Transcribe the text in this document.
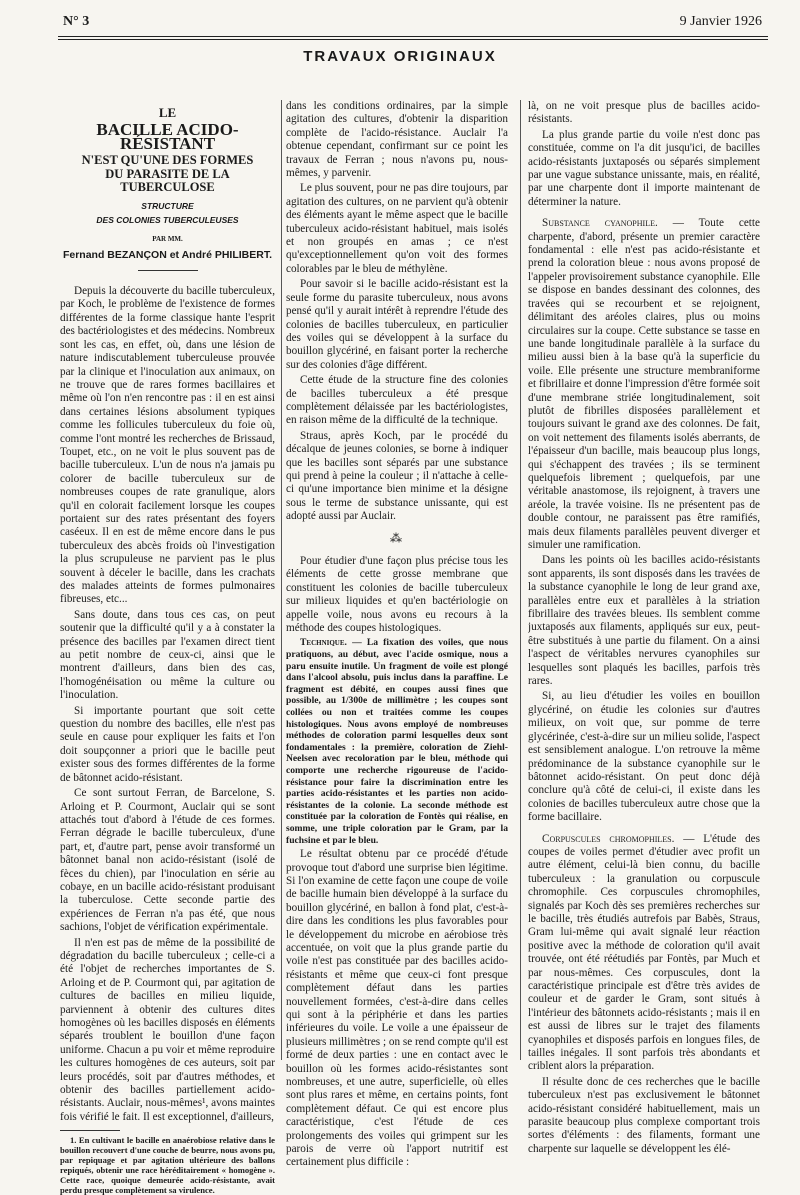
N° 3	9 Janvier 1926
TRAVAUX ORIGINAUX
LE
BACILLE ACIDO-RÉSISTANT
N'EST QU'UNE DES FORMES
DU PARASITE DE LA TUBERCULOSE
STRUCTURE
DES COLONIES TUBERCULEUSES
PAR MM.
Fernand BEZANÇON et André PHILIBERT.

Depuis la découverte du bacille tuberculeux, par Koch, le problème de l'existence de formes différentes de la forme classique hante l'esprit des bactériologistes et des médecins. Nombreux sont les cas, en effet, où, dans une lésion de nature indiscutablement tuberculeuse prouvée par la clinique et l'inoculation aux animaux, on ne trouve que de rares formes bacillaires et même où l'on n'en rencontre pas : il en est ainsi dans certaines lésions absolument typiques comme les follicules tuberculeux du foie où, comme l'ont montré les recherches de Brissaud, Toupet, etc., on ne voit le plus souvent pas de bacille tuberculeux. L'un de nous n'a jamais pu colorer de bacille tuberculeux sur de nombreuses coupes de rate granulique, alors qu'il en colorait facilement lorsque les coupes portaient sur des rates présentant des foyers caséeux. Il en est de même encore dans le pus tuberculeux des abcès froids où l'investigation la plus scrupuleuse ne parvient pas le plus souvent à déceler le bacille, dans les crachats des malades atteints de formes pulmonaires fibreuses, etc...

Sans doute, dans tous ces cas, on peut soutenir que la difficulté qu'il y a à constater la présence des bacilles par l'examen direct tient au petit nombre de ceux-ci, ainsi que le montrent d'ailleurs, dans bien des cas, l'homogénéisation ou même la culture ou l'inoculation.

Si importante pourtant que soit cette question du nombre des bacilles, elle n'est pas seule en cause pour expliquer les faits et l'on doit soupçonner a priori que le bacille peut exister sous des formes différentes de la forme de bâtonnet acido-résistant.

Ce sont surtout Ferran, de Barcelone, S. Arloing et P. Courmont, Auclair qui se sont attachés tout d'abord à l'étude de ces formes. Ferran dégrade le bacille tuberculeux, d'une part, et, d'autre part, pense avoir transformé un bâtonnet banal non acido-résistant (isolé de fèces du chien), par l'inoculation en série au cobaye, en un bacille acido-résistant produisant la tuberculose. Cette seconde partie des expériences de Ferran n'a pas été, que nous sachions, l'objet de vérification expérimentale.

Il n'en est pas de même de la possibilité de dégradation du bacille tuberculeux ; celle-ci a été l'objet de recherches importantes de S. Arloing et de P. Courmont qui, par agitation de cultures de bacilles en milieu liquide, parviennent à obtenir des cultures dites homogènes où les bacilles disposés en éléments séparés troublent le bouillon d'une façon uniforme. Chacun a pu voir et même reproduire les cultures homogènes de ces auteurs, soit par leurs procédés, soit par d'autres méthodes, et obtenir des bacilles partiellement acido-résistants. Auclair, nous-mêmes¹, avons maintes fois vérifié le fait. Il est exceptionnel, d'ailleurs,

1. En cultivant le bacille en anaérobiose relative dans le bouillon recouvert d'une couche de beurre, nous avons pu, par repiquage et par agitation ultérieure des ballons repiqués, obtenir une race héréditairement « homogène ». Cette race, quoique demeurée acido-résistante, avait perdu presque complètement sa virulence.

dans les conditions ordinaires, par la simple agitation des cultures, d'obtenir la disparition complète de l'acido-résistance. Auclair l'a obtenue cependant, confirmant sur ce point les travaux de Ferran ; nous n'avons pu, nous-mêmes, y parvenir.

Le plus souvent, pour ne pas dire toujours, par agitation des cultures, on ne parvient qu'à obtenir des éléments ayant le même aspect que le bacille tuberculeux acido-résistant habituel, mais isolés et non groupés en amas ; ce n'est qu'exceptionnellement qu'on voit des formes colorables par le bleu de méthylène.

Pour savoir si le bacille acido-résistant est la seule forme du parasite tuberculeux, nous avons pensé qu'il y aurait intérêt à reprendre l'étude des colonies de bacilles tuberculeux, en particulier des voiles qui se développent à la surface du bouillon glycériné, en faisant porter la recherche sur des colonies d'âge différent.

Cette étude de la structure fine des colonies de bacilles tuberculeux a été presque complètement délaissée par les bactériologistes, en raison même de la difficulté de la technique.

Straus, après Koch, par le procédé du décalque de jeunes colonies, se borne à indiquer que les bacilles sont séparés par une substance qui prend à peine la couleur ; il n'attache à celle-ci qu'une importance bien minime et la désigne sous le terme de substance unissante, qui est adopté aussi par Auclair.

⁂

Pour étudier d'une façon plus précise tous les éléments de cette grosse membrane que constituent les colonies de bacille tuberculeux sur milieux liquides et qu'en bactériologie on appelle voile, nous avons eu recours à la méthode des coupes histologiques.

Technique. — La fixation des voiles, que nous pratiquons, au début, avec l'acide osmique, nous a paru ensuite inutile. Un fragment de voile est plongé dans l'alcool absolu, puis inclus dans la paraffine. Le fragment est débité, en coupes aussi fines que possible, au 1/300e de millimètre ; les coupes sont collées ou non et traitées comme les coupes histologiques. Nous avons employé de nombreuses méthodes de coloration parmi lesquelles deux sont fondamentales : la première, coloration de Ziehl-Neelsen avec recoloration par le bleu, méthode qui comporte une recherche rigoureuse de l'acido-résistance pour faire la discrimination entre les parties acido-résistantes et les parties non acido-résistantes de la colonie. La seconde méthode est constituée par la coloration de Fontès qui réalise, en somme, une triple coloration par le Gram, par la fuchsine et par le bleu.

Le résultat obtenu par ce procédé d'étude provoque tout d'abord une surprise bien légitime. Si l'on examine de cette façon une coupe de voile de bacille humain bien développé à la surface du bouillon glycériné, en ballon à fond plat, c'est-à-dire dans les conditions les plus favorables pour le développement du microbe en aérobiose très accentuée, on voit que la plus grande partie du voile n'est pas constituée par des bacilles acido-résistants et même que ceux-ci font presque complètement défaut dans les parties nouvellement formées, c'est-à-dire dans celles qui sont à la périphérie et dans les parties inférieures du voile. Le voile a une épaisseur de plusieurs millimètres ; on se rend compte qu'il est formé de deux parties : une en contact avec le bouillon où les formes acido-résistantes sont nombreuses, et une autre, superficielle, où elles sont plus rares et même, en certains points, font complètement défaut. Ce qui est encore plus caractéristique, c'est l'étude de ces prolongements des voiles qui grimpent sur les parois de verre où l'apport nutritif est certainement plus difficile :

là, on ne voit presque plus de bacilles acido-résistants.

La plus grande partie du voile n'est donc pas constituée, comme on l'a dit jusqu'ici, de bacilles acido-résistants juxtaposés ou séparés simplement par une vague substance unissante, mais, en réalité, par une charpente dont il importe maintenant de déterminer la nature.

Substance cyanophile. — Toute cette charpente, d'abord, présente un premier caractère fondamental : elle n'est pas acido-résistante et prend la coloration bleue : nous avons proposé de l'appeler provisoirement substance cyanophile. Elle se dispose en bandes dessinant des colonnes, des travées qui se recourbent et se rejoignent, délimitant des aréoles claires, plus ou moins circulaires sur la coupe. Cette substance se tasse en une bande longitudinale parallèle à la surface du milieu aussi bien à la base qu'à la superficie du voile. Elle présente une structure membraniforme et fibrillaire et donne l'impression d'être formée soit d'une membrane striée longitudinalement, soit plutôt de fibrilles disposées parallèlement et toujours suivant le grand axe des colonnes. De fait, on voit nettement des filaments isolés aberrants, de l'épaisseur d'un bacille, mais beaucoup plus longs, qui s'échappent des travées ; ils se terminent quelquefois librement ; quelquefois, par une véritable anastomose, ils rejoignent, à travers une aréole, la travée voisine. Ils ne présentent pas de double contour, ne paraissent pas être ramifiés, mais deux filaments parallèles peuvent diverger et simuler une ramification.

Dans les points où les bacilles acido-résistants sont apparents, ils sont disposés dans les travées de la substance cyanophile le long de leur grand axe, parallèles entre eux et parallèles à la striation fibrillaire des travées bleues. Ils semblent comme juxtaposés aux filaments, appliqués sur eux, peut-être substitués à une partie du filament. On a ainsi l'aspect de véritables nervures cyanophiles sur lesquelles sont plaqués les bacilles, parfois très rares.

Si, au lieu d'étudier les voiles en bouillon glycériné, on étudie les colonies sur d'autres milieux, on voit que, sur pomme de terre glycérinée, c'est-à-dire sur un milieu solide, l'aspect est sensiblement analogue. L'on retrouve la même prédominance de la substance cyanophile sur le bâtonnet acido-résistant. On peut donc déjà conclure qu'à côté de celui-ci, il existe dans les colonies de bacilles tuberculeux autre chose que la forme bacillaire.

Corpuscules chromophiles. — L'étude des coupes de voiles permet d'étudier avec profit un autre élément, celui-là bien connu, du bacille tuberculeux : la granulation ou corpuscule chromophile. Ces corpuscules chromophiles, signalés par Koch dès ses premières recherches sur le bacille, très étudiés autrefois par Babès, Straus, Gram lui-même qui avait signalé leur réaction positive avec la méthode de coloration qu'il avait trouvée, ont été réétudiés par Fontès, par Much et par nous-mêmes. Ces corpuscules, dont la caractéristique principale est d'être très avides de couleur et de garder le Gram, sont situés à l'intérieur des bâtonnets acido-résistants ; mais il en est aussi de libres sur le trajet des filaments cyanophiles et disposés parfois en longues files, de tailles inégales. Il sont parfois très abondants et criblent alors la préparation.

Il résulte donc de ces recherches que le bacille tuberculeux n'est pas exclusivement le bâtonnet acido-résistant considéré habituellement, mais un parasite beaucoup plus complexe comportant trois sortes d'éléments : des filaments, formant une charpente sur laquelle se développent les élé-
